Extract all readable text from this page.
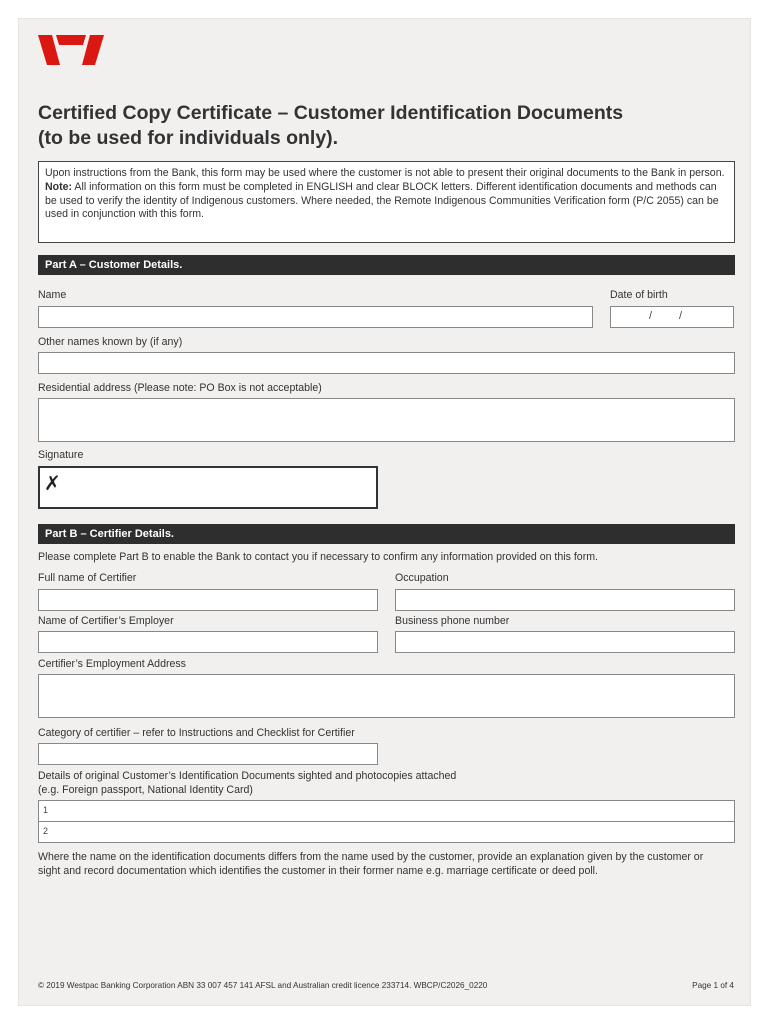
Certified Copy Certificate – Customer Identification Documents
(to be used for individuals only).

Upon instructions from the Bank, this form may be used where the customer is not able to present their original documents to the Bank in person.

Note: All information on this form must be completed in ENGLISH and clear BLOCK letters. Different identification documents and methods can be used to verify the identity of Indigenous customers. Where needed, the Remote Indigenous Communities Verification form (P/C 2055) can be used in conjunction with this form.

Part A – Customer Details.
Name	Date of birth
/ /
Other names known by (if any)
Residential address (Please note: PO Box is not acceptable)
Signature
✗
Part B – Certifier Details.
Please complete Part B to enable the Bank to contact you if necessary to confirm any information provided on this form.
Full name of Certifier	Occupation
Name of Certifier’s Employer	Business phone number
Certifier’s Employment Address
Category of certifier – refer to Instructions and Checklist for Certifier
Details of original Customer’s Identification Documents sighted and photocopies attached
(e.g. Foreign passport, National Identity Card)
1
2
Where the name on the identification documents differs from the name used by the customer, provide an explanation given by the customer or sight and record documentation which identifies the customer in their former name e.g. marriage certificate or deed poll.
© 2019 Westpac Banking Corporation ABN 33 007 457 141 AFSL and Australian credit licence 233714. WBCP/C2026_0220	Page 1 of 4
